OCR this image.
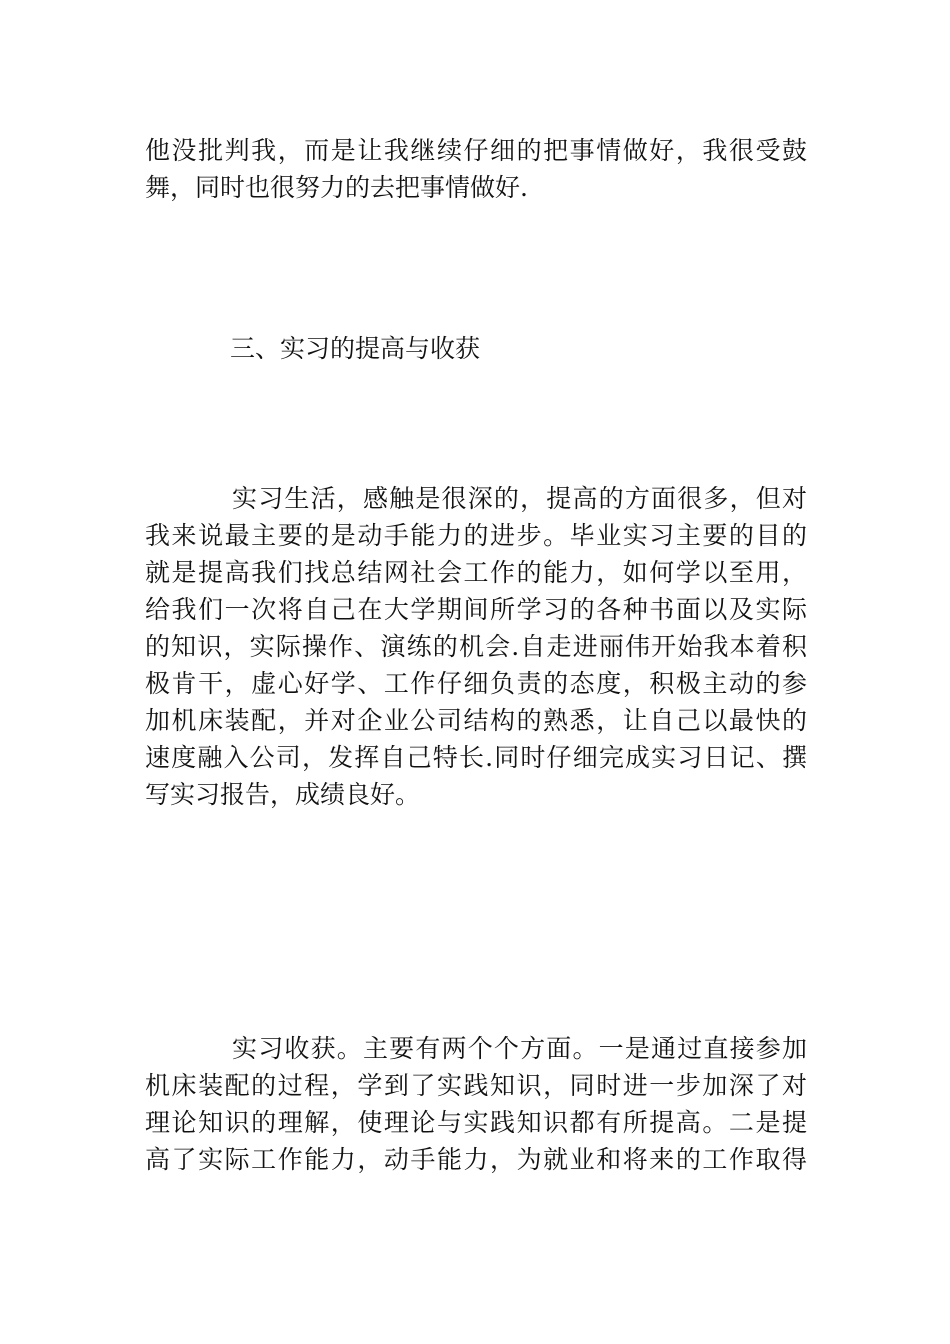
他没批判我，而是让我继续仔细的把事情做好，我很受鼓
舞，同时也很努力的去把事情做好.
三、实习的提高与收获
实习生活，感触是很深的，提高的方面很多，但对
我来说最主要的是动手能力的进步。毕业实习主要的目的
就是提高我们找总结网社会工作的能力，如何学以至用，
给我们一次将自己在大学期间所学习的各种书面以及实际
的知识，实际操作、演练的机会.自走进丽伟开始我本着积
极肯干，虚心好学、工作仔细负责的态度，积极主动的参
加机床装配，并对企业公司结构的熟悉，让自己以最快的
速度融入公司，发挥自己特长.同时仔细完成实习日记、撰
写实习报告，成绩良好。
实习收获。主要有两个个方面。一是通过直接参加
机床装配的过程，学到了实践知识，同时进一步加深了对
理论知识的理解，使理论与实践知识都有所提高。二是提
高了实际工作能力，动手能力，为就业和将来的工作取得
